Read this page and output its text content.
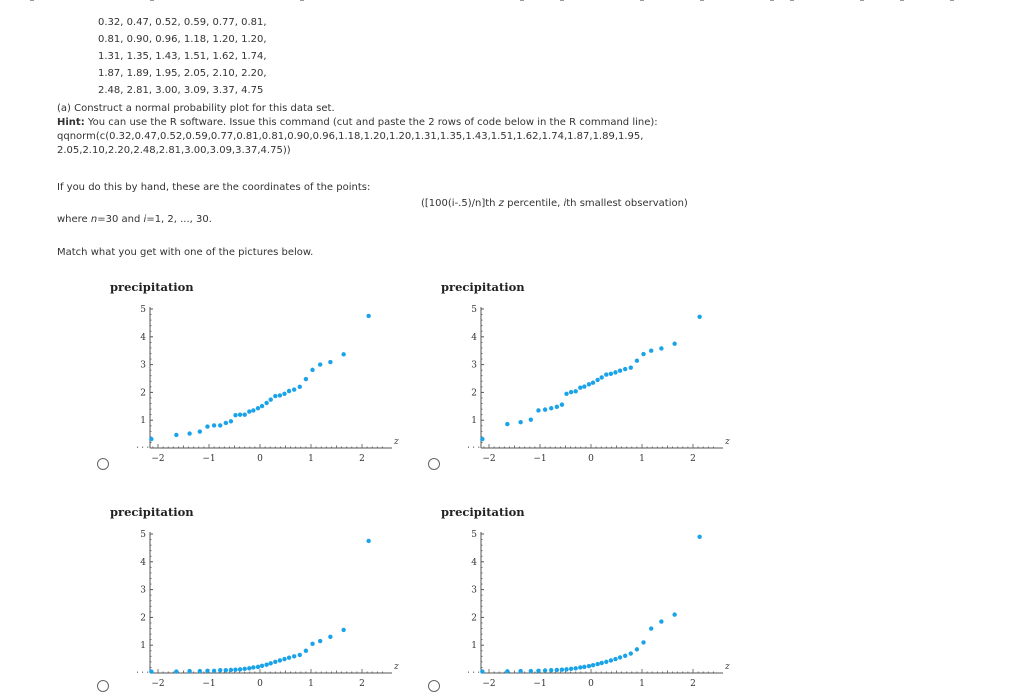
0.32, 0.47, 0.52, 0.59, 0.77, 0.81,
0.81, 0.90, 0.96, 1.18, 1.20, 1.20,
1.31, 1.35, 1.43, 1.51, 1.62, 1.74,
1.87, 1.89, 1.95, 2.05, 2.10, 2.20,
2.48, 2.81, 3.00, 3.09, 3.37, 4.75

(a) Construct a normal probability plot for this data set.

Hint: You can use the R software. Issue this command (cut and paste the 2 rows of code below in the R command line):

qqnorm(c(0.32,0.47,0.52,0.59,0.77,0.81,0.81,0.90,0.96,1.18,1.20,1.20,1.31,1.35,1.43,1.51,1.62,1.74,1.87,1.89,1.95,

2.05,2.10,2.20,2.48,2.81,3.00,3.09,3.37,4.75))

If you do this by hand, these are the coordinates of the points:
([100(i-.5)/n]th z percentile, ith smallest observation)
where n=30 and i=1, 2, ..., 30.
Match what you get with one of the pictures below.
precipitation
1
2
3
4
5
−2	−1	0	1	2
z
precipitation
1
2
3
4
5
−2	−1	0	1	2
z
precipitation
1
2
3
4
5
−2	−1	0	1	2
z
precipitation
1
2
3
4
5
−2	−1	0	1	2
z
